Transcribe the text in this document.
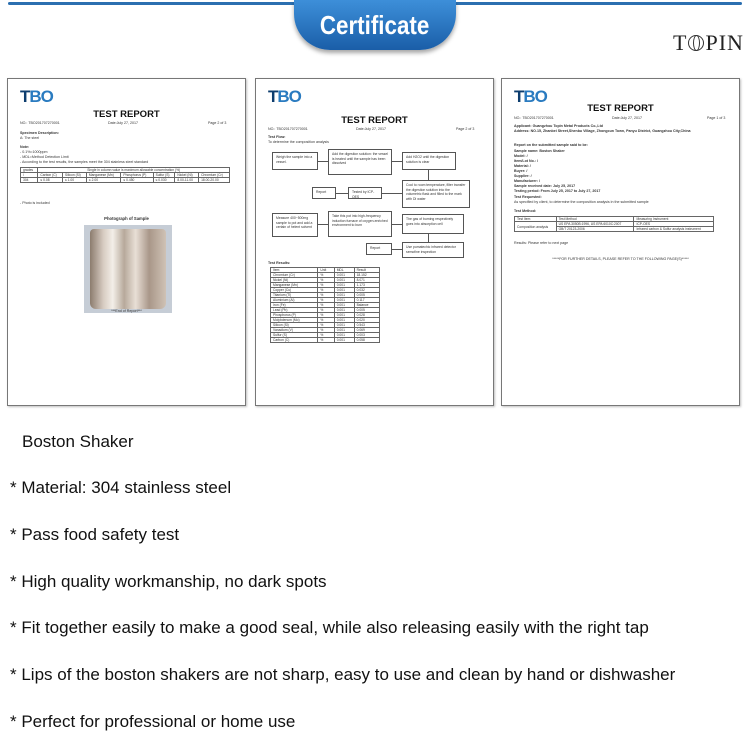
Certificate
T PIN
TBO
TEST REPORT
NO.: TBO201707270001	Date:July 27, 2017	Page 2 of 3
Specimen Description:
A: The steel
Note:
- 0.1%=1000ppm
- MDL=Method Detection Limit
- According to the test results, the samples meet the 304 stainless steel standard
grades	Single in column value is maximum allowable concentration (%)						
/	Carbon (C)	Silicon (Si)	Manganese (Mn)	Phosphorus (P)	Sulfur (S)	Nickel (Ni)	Chromium (Cr)
304	≤ 0.08	≤ 1.00	≤ 2.00	≤ 0.450	≤ 0.030	8.00-11.00	18.00-20.00
- Photo is included
Photograph of Sample
***End of Report***
TBO
TEST REPORT
NO.: TBO201707270001	Date:July 27, 2017	Page 2 of 3
Test Flow:
To determine the composition analysis
Weigh the sample into a vessel.
Add the digestion solution: the vessel is heated until the sample has been dissolved
Add H2O2 until the digestion solution is clear
Cool to room temperature, filter transfer the digestion solution into the volumetric flask and filled to the mark with DI water
Tested by ICP-OES
Report
Measure 400~500mg sample to pot and add a certain of helent solvent
Take this pot into high-frequency induction furnace of oxygen-enriched environment to burn
The gas of burning respectively goes into absorption cell
Use pumatechic infrared detector semofine inspection
Report
Test Results:
Item	Unit	MDL	Result
Chromium (Cr)	%	0.001	18.152
Nickel (Ni)	%	0.001	8.071
Manganese (Mn)	%	0.001	1.173
Copper (Cu)	%	0.001	0.032
Titanium (Ti)	%	0.001	0.005
Aluminium (Al)	%	0.001	0.117
Iron (Fe)	%	0.001	Balance
Lead (Pb)	%	0.001	0.005
Phosphorus (P)	%	0.001	0.028
Molybdenum (Mo)	%	0.001	0.020
Silicon (Si)	%	0.001	0.543
Vanadium (V)	%	0.001	0.069
Sulfur (S)	%	0.001	0.003
Carbon (C)	%	0.001	0.058
TBO
TEST REPORT
NO.: TBO201707270001	Date:July 27, 2017	Page 1 of 3
Applicant: Guangzhou Topin Metal Products Co.,Ltd
Address: NO.15, Zhanbei Street,Shenbu Village, Zhongcun Town, Panyu District, Guangzhou City,China
Report on the submitted sample said to be:
Sample name: Boston Shaker
Model: /
Item/Lot No.: /
Material: /
Buyer: /
Supplier: /
Manufacturer: /
Sample received date: July 25, 2017
Testing period: From July 25, 2017 to July 27, 2017
Test Requested:
As specified by client, to determine the composition analysis in the submitted sample
Test Method:
Test Item	Test Method	Measuring Instrument
Composition analysis	US EPA 3050B:1996, US EPA 6010C:2007	ICP-OES
	GB/T 20123-2006	Infrared carbon & Sulfur analysis instrument
Results: Please refer to next page
*****FOR FURTHER DETAILS, PLEASE REFER TO THE FOLLOWING PAGE(S)*****
Boston Shaker
* Material: 304 stainless steel
* Pass food safety test
* High quality workmanship, no dark spots
* Fit together easily to make a good seal, while also releasing easily with the right tap
* Lips of the boston shakers are not sharp, easy to use and clean by hand or dishwasher
* Perfect for professional or home use
